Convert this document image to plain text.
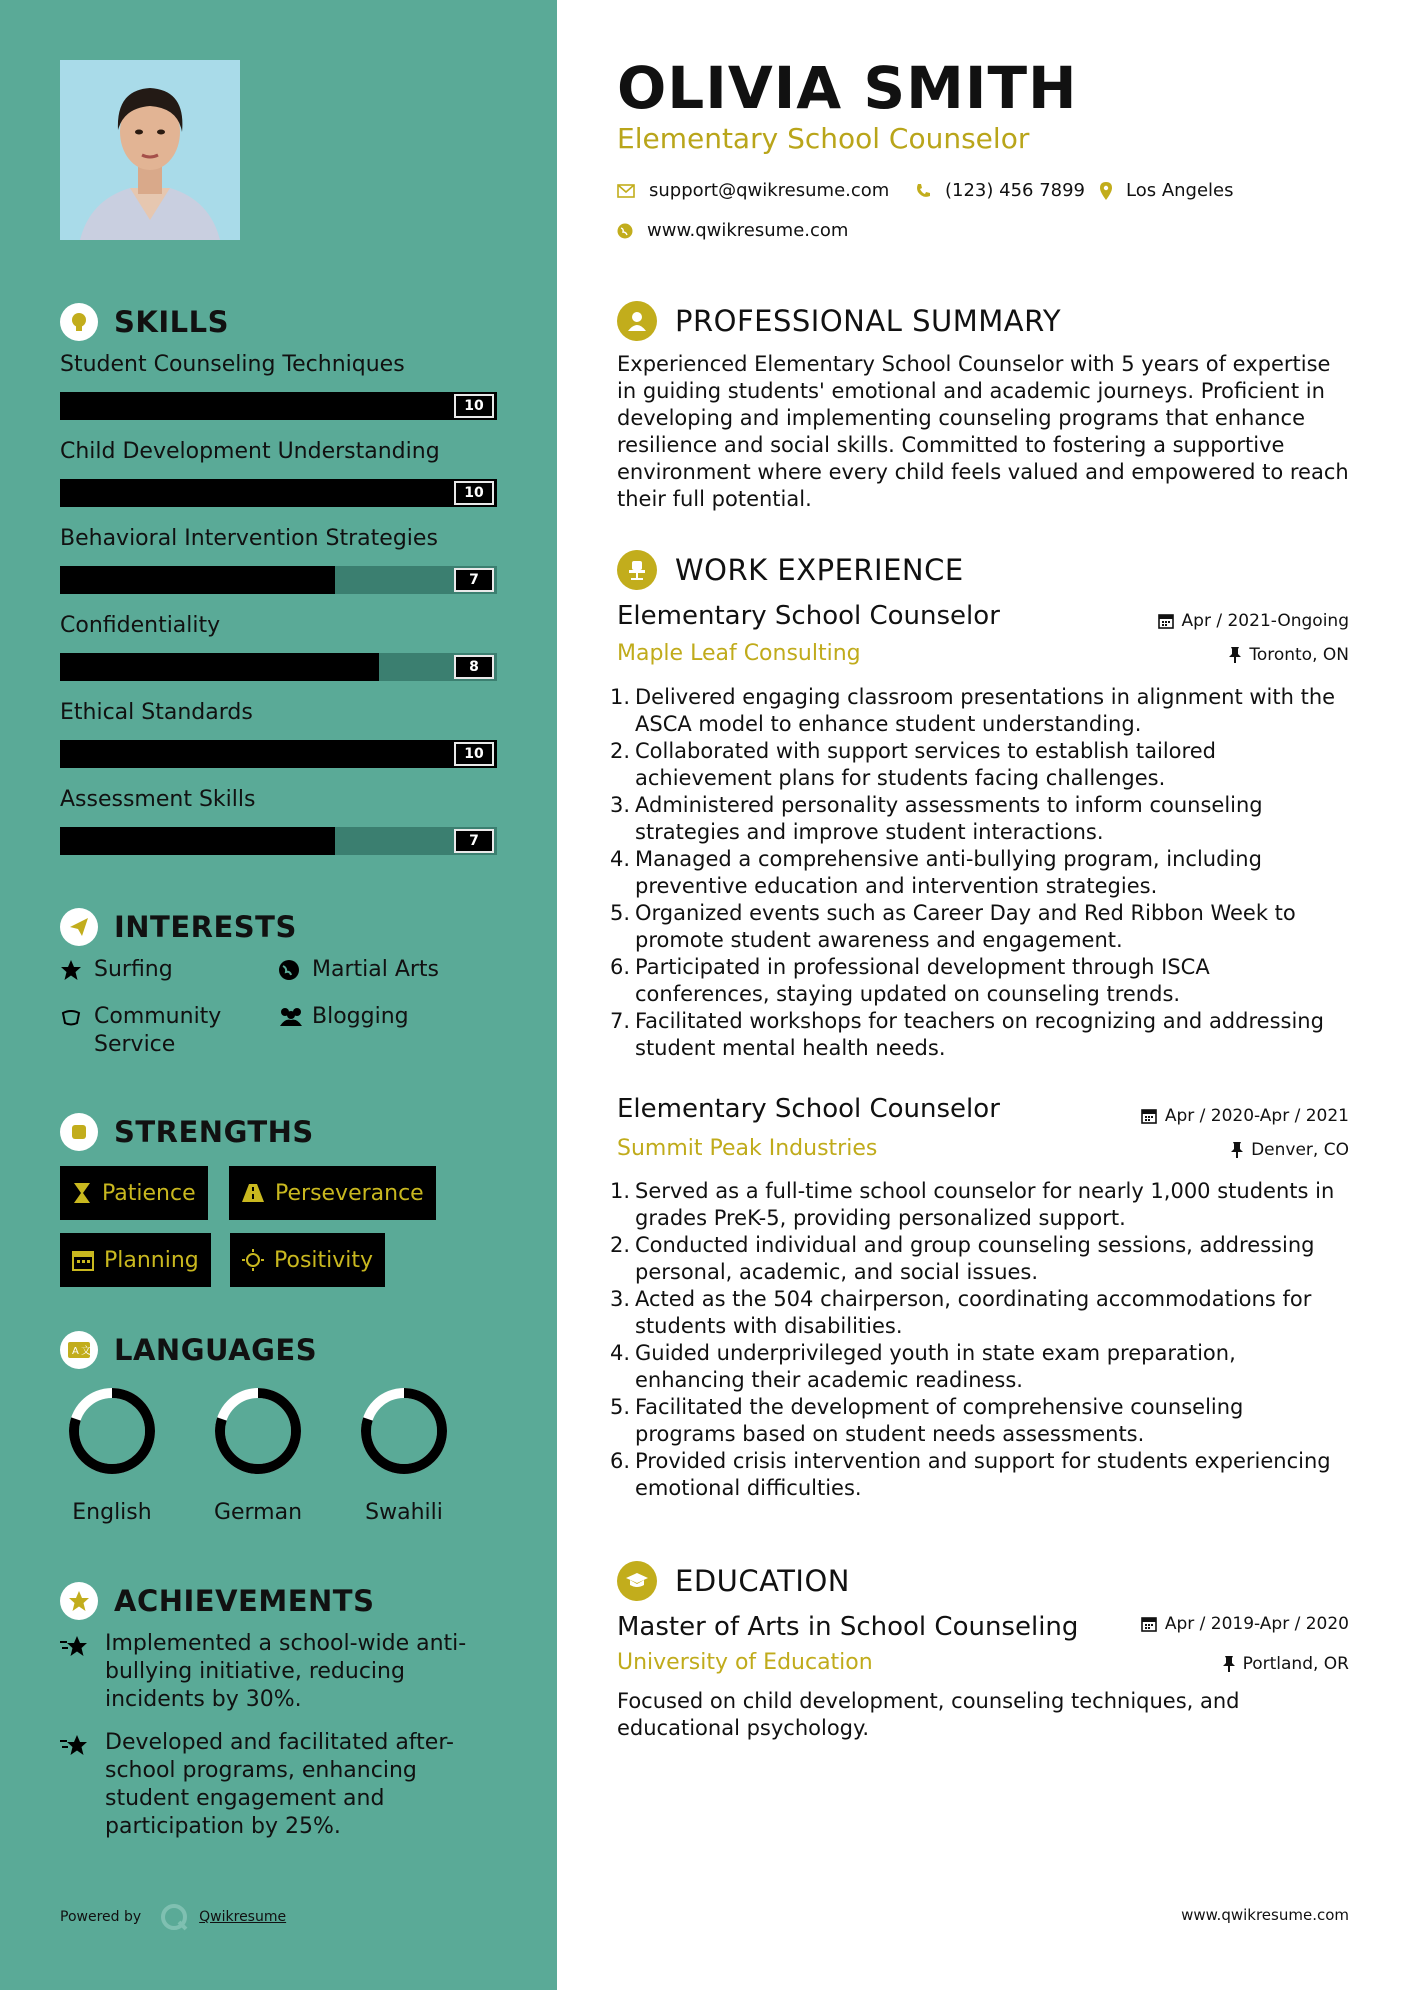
SKILLS
INTERESTS
Surfing	Martial Arts
Community Service
Blogging
STRENGTHS
Patience	Perseverance
Planning	Positivity
A 文 LANGUAGES
ACHIEVEMENTS
Implemented a school-wide anti-bullying initiative, reducing incidents by 30%.
Developed and facilitated after-school programs, enhancing student engagement and participation by 25%.
Powered by	Qwikresume
Student Counseling Techniques
10
Child Development Understanding
10
Behavioral Intervention Strategies
7
Confidentiality
8
Ethical Standards
10
Assessment Skills
7
English	German	Swahili
OLIVIA SMITH
Elementary School Counselor
support@qwikresume.com	(123) 456 7899 Los Angeles
www.qwikresume.com
PROFESSIONAL SUMMARY
Experienced Elementary School Counselor with 5 years of expertise in guiding students' emotional and academic journeys. Proficient in developing and implementing counseling programs that enhance resilience and social skills. Committed to fostering a supportive environment where every child feels valued and empowered to reach their full potential.
WORK EXPERIENCE
Elementary School Counselor	Apr / 2021-Ongoing
Maple Leaf Consulting	Toronto, ON
1. Delivered engaging classroom presentations in alignment with the ASCA model to enhance student understanding.
2. Collaborated with support services to establish tailored achievement plans for students facing challenges.
3. Administered personality assessments to inform counseling strategies and improve student interactions.
4. Managed a comprehensive anti-bullying program, including preventive education and intervention strategies.
5. Organized events such as Career Day and Red Ribbon Week to promote student awareness and engagement.
6. Participated in professional development through ISCA conferences, staying updated on counseling trends.
7. Facilitated workshops for teachers on recognizing and addressing student mental health needs.
Elementary School Counselor	Apr / 2020-Apr / 2021
Summit Peak Industries	Denver, CO
1. Served as a full-time school counselor for nearly 1,000 students in grades PreK-5, providing personalized support.
2. Conducted individual and group counseling sessions, addressing personal, academic, and social issues.
3. Acted as the 504 chairperson, coordinating accommodations for students with disabilities.
4. Guided underprivileged youth in state exam preparation, enhancing their academic readiness.
5. Facilitated the development of comprehensive counseling programs based on student needs assessments.
6. Provided crisis intervention and support for students experiencing emotional difficulties.
EDUCATION
Master of Arts in School Counseling	Apr / 2019-Apr / 2020
University of Education	Portland, OR
Focused on child development, counseling techniques, and educational psychology.
www.qwikresume.com
